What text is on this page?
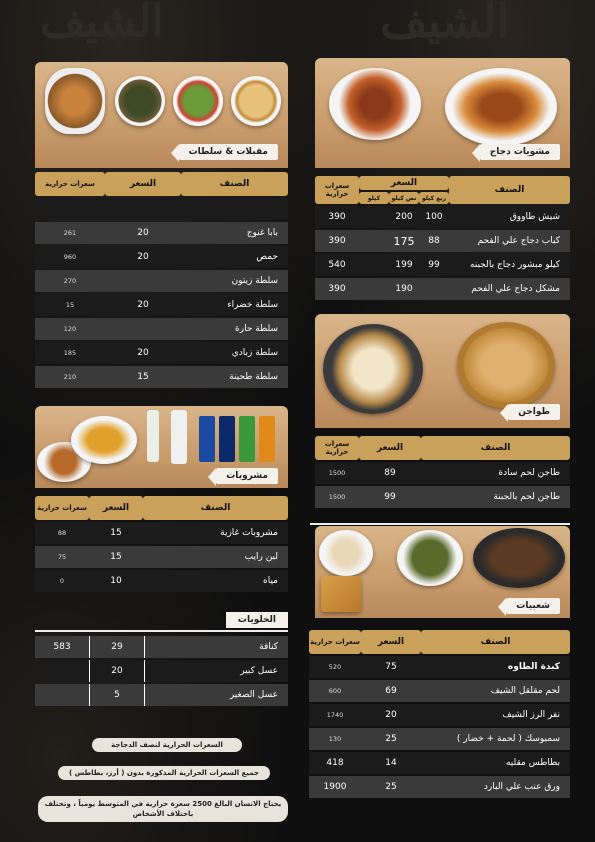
الشيف
الشيف
مقبلات & سلطات
سعرات حرارية	السعر	الصنف

261	20	بابا غنوج
960	20	حمص
270		سلطة زيتون
15	20	سلطة خضراء
120		سلطة حارة
185	20	سلطة زبادي
210	15	سلطة طحينة
مشويات دجاج
سعرات حرارية	السعر			الصنف
	كيلو	نص كيلو	ربع كيلو	
390		200	100	شيش طاووق
390		175	88	كباب دجاج علي الفحم
540		199	99	كيلو مبشور دجاج بالجبنه
390		190		مشكل دجاج علي الفحم
طواجن
سعرات حرارية	السعر	الصنف
1500	89	طاجن لحم سادة
1500	99	طاجن لحم بالجبنة
مشروبات
سعرات حرارية	السعر	الصنف
88	15	مشروبات غازية
75	15	لبن رايب
0	10	مياه
الحلويات
583	29	كنافة
	20	عسل كبير
	5	عسل الصغير
شعبيات
سعرات حرارية	السعر	الصنف
520	75	كبدة الطاوه
600	69	لحم مقلقل الشيف
1740	20	نفر الرز الشيف
130	25	سمبوسك ( لحمة + خضار )
418	14	بطاطس مقليه
1900	25	ورق عنب علي البارد
السعرات الحرارية لنصف الدجاجة
جميع السعرات الحرارية المذكورة بدون ( أرز، بطاطس )
يحتاج الانسان البالغ 2500 سعرة حرارية في المتوسط يومياً ، وتختلف باختلاف الأشخاص
